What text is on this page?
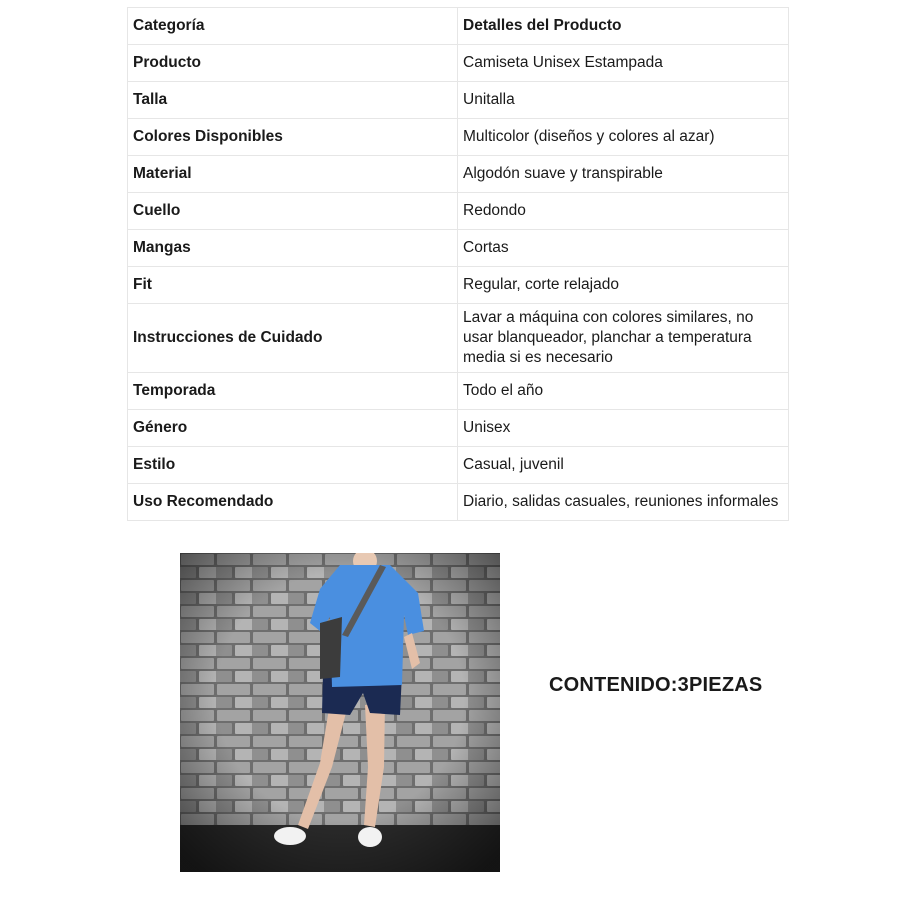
Categoría	Detalles del Producto
Producto	Camiseta Unisex Estampada
Talla	Unitalla
Colores Disponibles	Multicolor (diseños y colores al azar)
Material	Algodón suave y transpirable
Cuello	Redondo
Mangas	Cortas
Fit	Regular, corte relajado
Instrucciones de Cuidado	Lavar a máquina con colores similares, no usar blanqueador, planchar a temperatura media si es necesario
Temporada	Todo el año
Género	Unisex
Estilo	Casual, juvenil
Uso Recomendado	Diario, salidas casuales, reuniones informales
CONTENIDO:3PIEZAS
